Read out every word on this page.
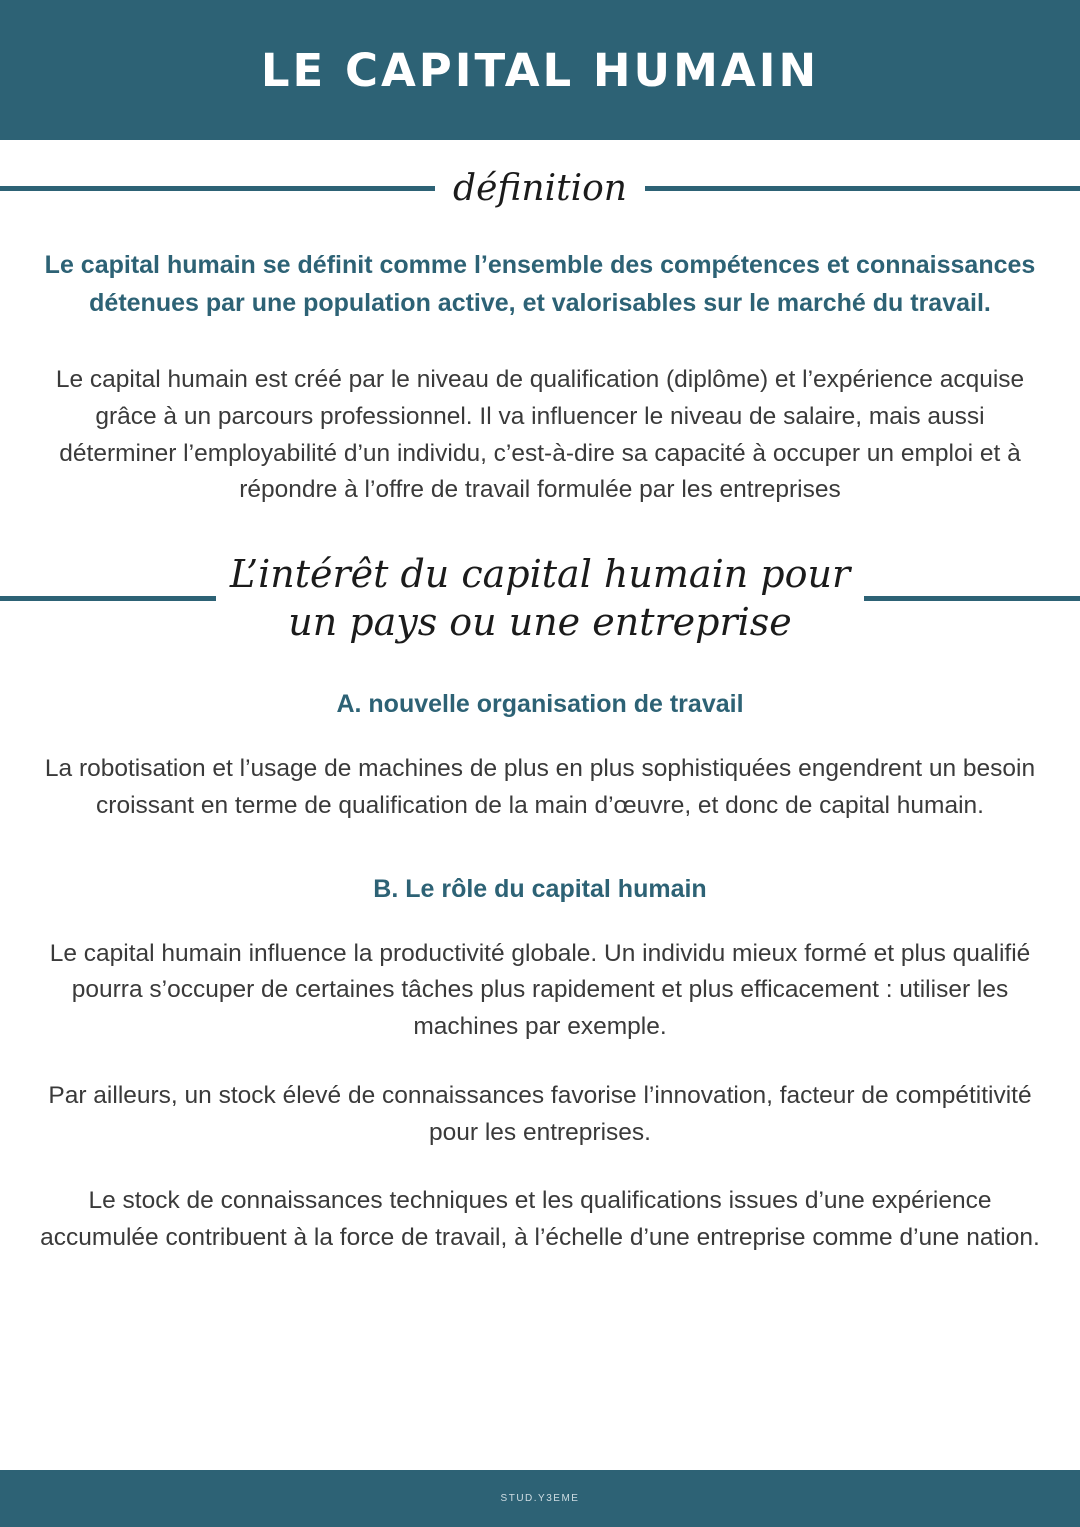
LE CAPITAL HUMAIN
définition

Le capital humain se définit comme l’ensemble des compétences et connaissances détenues par une population active, et valorisables sur le marché du travail.

Le capital humain est créé par le niveau de qualification (diplôme) et l’expérience acquise grâce à un parcours professionnel. Il va influencer le niveau de salaire, mais aussi déterminer l’employabilité d’un individu, c’est-à-dire sa capacité à occuper un emploi et à répondre à l’offre de travail formulée par les entreprises

L’intérêt du capital humain pour
un pays ou une entreprise
A. nouvelle organisation de travail

La robotisation et l’usage de machines de plus en plus sophistiquées engendrent un besoin croissant en terme de qualification de la main d’œuvre, et donc de capital humain.

B. Le rôle du capital humain

Le capital humain influence la productivité globale. Un individu mieux formé et plus qualifié pourra s’occuper de certaines tâches plus rapidement et plus efficacement : utiliser les machines par exemple.

Par ailleurs, un stock élevé de connaissances favorise l’innovation, facteur de compétitivité pour les entreprises.

Le stock de connaissances techniques et les qualifications issues d’une expérience accumulée contribuent à la force de travail, à l’échelle d’une entreprise comme d’une nation.

STUD.Y3EME
